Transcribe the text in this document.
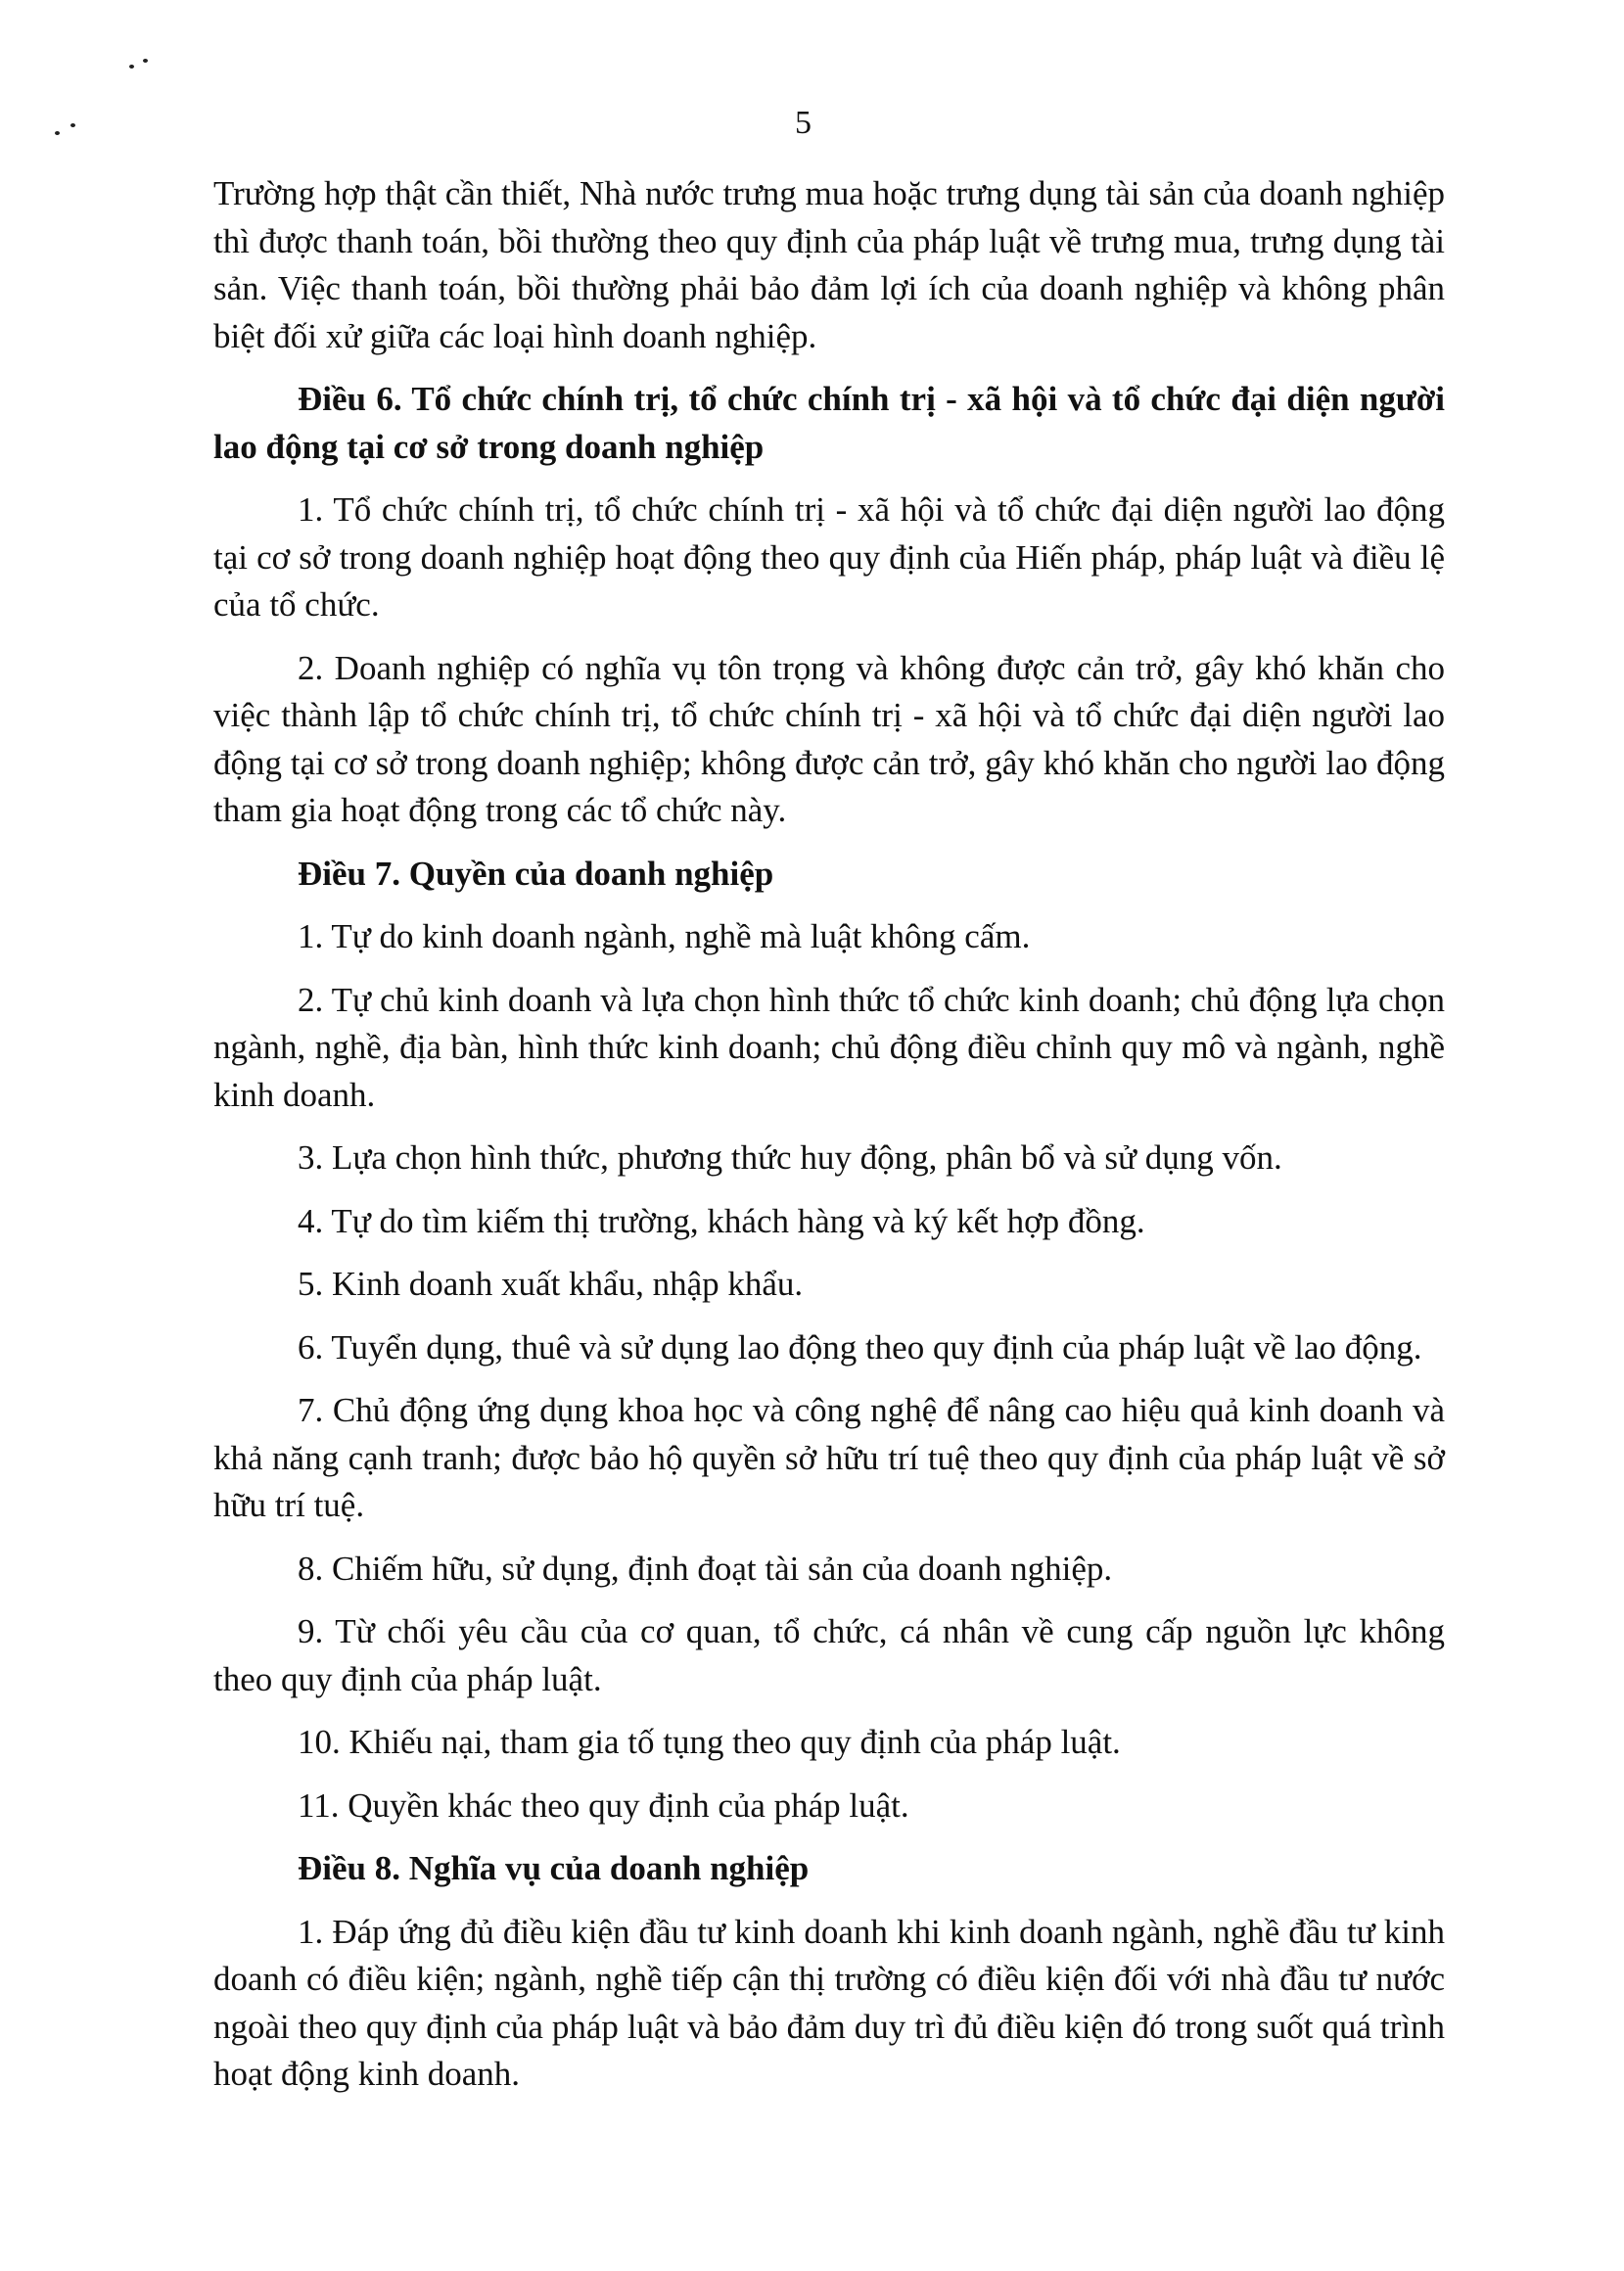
5

Trường hợp thật cần thiết, Nhà nước trưng mua hoặc trưng dụng tài sản của doanh nghiệp thì được thanh toán, bồi thường theo quy định của pháp luật về trưng mua, trưng dụng tài sản. Việc thanh toán, bồi thường phải bảo đảm lợi ích của doanh nghiệp và không phân biệt đối xử giữa các loại hình doanh nghiệp.

Điều 6. Tổ chức chính trị, tổ chức chính trị - xã hội và tổ chức đại diện người lao động tại cơ sở trong doanh nghiệp

1. Tổ chức chính trị, tổ chức chính trị - xã hội và tổ chức đại diện người lao động tại cơ sở trong doanh nghiệp hoạt động theo quy định của Hiến pháp, pháp luật và điều lệ của tổ chức.

2. Doanh nghiệp có nghĩa vụ tôn trọng và không được cản trở, gây khó khăn cho việc thành lập tổ chức chính trị, tổ chức chính trị - xã hội và tổ chức đại diện người lao động tại cơ sở trong doanh nghiệp; không được cản trở, gây khó khăn cho người lao động tham gia hoạt động trong các tổ chức này.

Điều 7. Quyền của doanh nghiệp

1. Tự do kinh doanh ngành, nghề mà luật không cấm.

2. Tự chủ kinh doanh và lựa chọn hình thức tổ chức kinh doanh; chủ động lựa chọn ngành, nghề, địa bàn, hình thức kinh doanh; chủ động điều chỉnh quy mô và ngành, nghề kinh doanh.

3. Lựa chọn hình thức, phương thức huy động, phân bổ và sử dụng vốn.

4. Tự do tìm kiếm thị trường, khách hàng và ký kết hợp đồng.

5. Kinh doanh xuất khẩu, nhập khẩu.

6. Tuyển dụng, thuê và sử dụng lao động theo quy định của pháp luật về lao động.

7. Chủ động ứng dụng khoa học và công nghệ để nâng cao hiệu quả kinh doanh và khả năng cạnh tranh; được bảo hộ quyền sở hữu trí tuệ theo quy định của pháp luật về sở hữu trí tuệ.

8. Chiếm hữu, sử dụng, định đoạt tài sản của doanh nghiệp.

9. Từ chối yêu cầu của cơ quan, tổ chức, cá nhân về cung cấp nguồn lực không theo quy định của pháp luật.

10. Khiếu nại, tham gia tố tụng theo quy định của pháp luật.

11. Quyền khác theo quy định của pháp luật.

Điều 8. Nghĩa vụ của doanh nghiệp

1. Đáp ứng đủ điều kiện đầu tư kinh doanh khi kinh doanh ngành, nghề đầu tư kinh doanh có điều kiện; ngành, nghề tiếp cận thị trường có điều kiện đối với nhà đầu tư nước ngoài theo quy định của pháp luật và bảo đảm duy trì đủ điều kiện đó trong suốt quá trình hoạt động kinh doanh.
